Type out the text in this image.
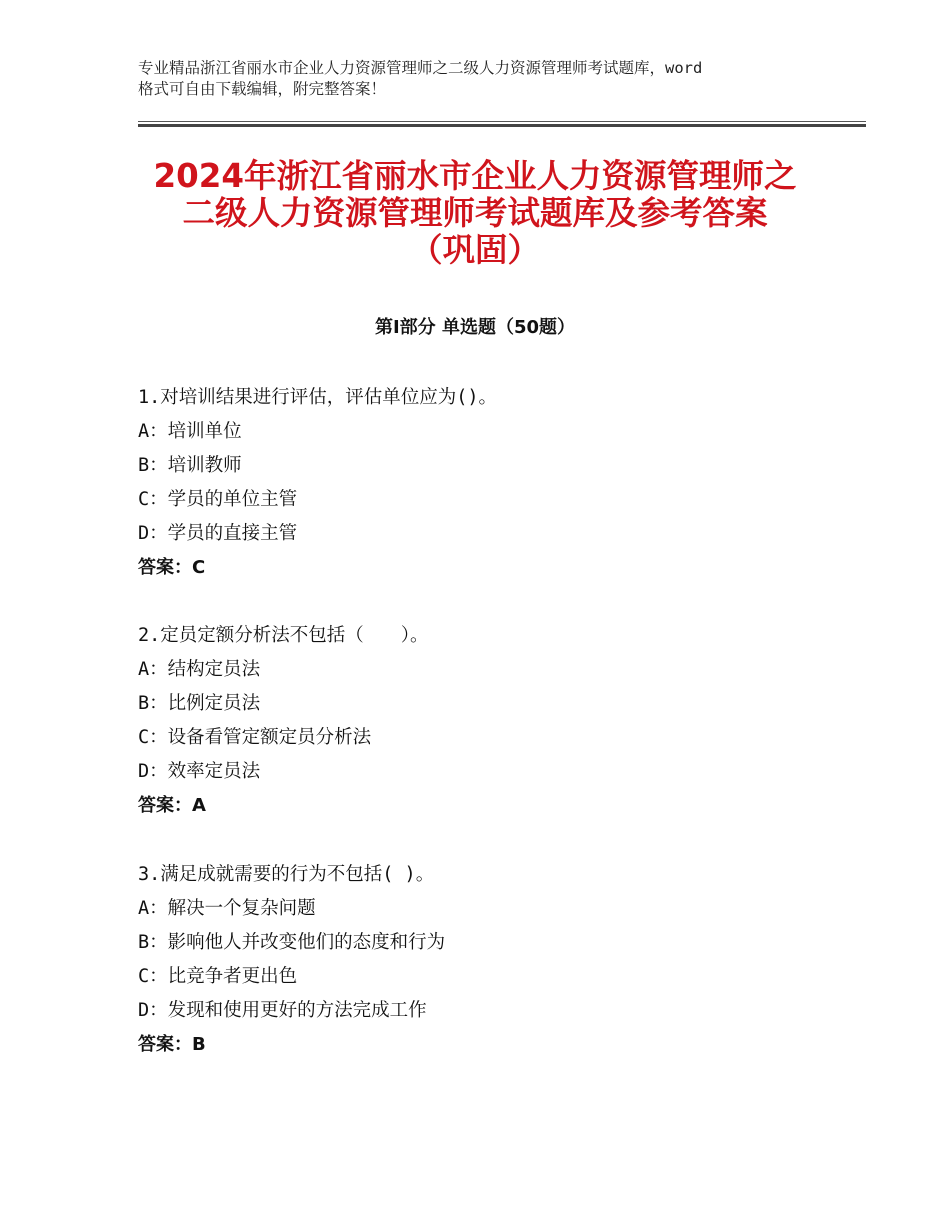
专业精品浙江省丽水市企业人力资源管理师之二级人力资源管理师考试题库，word
格式可自由下载编辑，附完整答案！
2024年浙江省丽水市企业人力资源管理师之
二级人力资源管理师考试题库及参考答案
（巩固）
第Ⅰ部分 单选题（50题）
1.对培训结果进行评估，评估单位应为()。
A：培训单位
B：培训教师
C：学员的单位主管
D：学员的直接主管
答案：C
2.定员定额分析法不包括（　　）。
A：结构定员法
B：比例定员法
C：设备看管定额定员分析法
D：效率定员法
答案：A
3.满足成就需要的行为不包括( )。
A：解决一个复杂问题
B：影响他人并改变他们的态度和行为
C：比竞争者更出色
D：发现和使用更好的方法完成工作
答案：B
